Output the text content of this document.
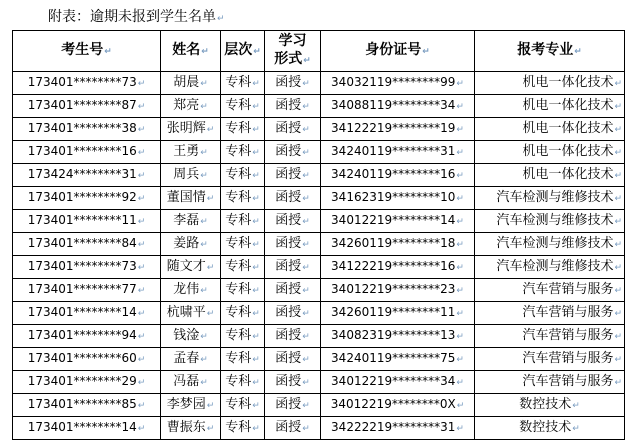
附表：逾期未报到学生名单↵
考生号↵	姓名↵	层次↵	学习形式↵	身份证号↵	报考专业↵
173401********73↵	胡晨↵	专科↵	函授↵	34032119********99↵	机电一体化技术↵
173401********87↵	郑亮↵	专科↵	函授↵	34088119********34↵	机电一体化技术↵
173401********38↵	张明辉↵	专科↵	函授↵	34122219********19↵	机电一体化技术↵
173401********16↵	王勇↵	专科↵	函授↵	34240119********31↵	机电一体化技术↵
173424********31↵	周兵↵	专科↵	函授↵	34240119********16↵	机电一体化技术↵
173401********92↵	董国情↵	专科↵	函授↵	34162319********10↵	汽车检测与维修技术↵
173401********11↵	李磊↵	专科↵	函授↵	34012219********14↵	汽车检测与维修技术↵
173401********84↵	姜路↵	专科↵	函授↵	34260119********18↵	汽车检测与维修技术↵
173401********73↵	随文才↵	专科↵	函授↵	34122219********16↵	汽车检测与维修技术↵
173401********77↵	龙伟↵	专科↵	函授↵	34012219********23↵	汽车营销与服务↵
173401********14↵	杭啸平↵	专科↵	函授↵	34260119********11↵	汽车营销与服务↵
173401********94↵	钱淦↵	专科↵	函授↵	34082319********13↵	汽车营销与服务↵
173401********60↵	孟春↵	专科↵	函授↵	34240119********75↵	汽车营销与服务↵
173401********29↵	冯磊↵	专科↵	函授↵	34012219********34↵	汽车营销与服务↵
173401********85↵	李梦园↵	专科↵	函授↵	34012219********0X↵	数控技术↵
173401********14↵	曹振东↵	专科↵	函授↵	34222219********31↵	数控技术↵
